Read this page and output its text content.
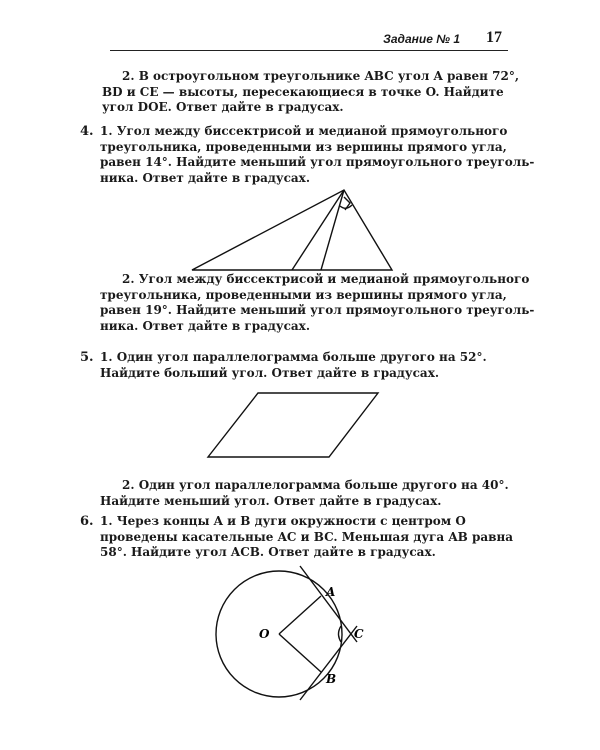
Задание № 1 17
2. В остроугольном треугольнике ABC угол A равен 72°,
BD и CE — высоты, пересекающиеся в точке O. Найдите
угол DOE. Ответ дайте в градусах.
4. 1. Угол между биссектрисой и медианой прямоугольного
треугольника, проведенными из вершины прямого угла,
равен 14°. Найдите меньший угол прямоугольного треуголь-
ника. Ответ дайте в градусах.
2. Угол между биссектрисой и медианой прямоугольного
треугольника, проведенными из вершины прямого угла,
равен 19°. Найдите меньший угол прямоугольного треуголь-
ника. Ответ дайте в градусах.
5. 1. Один угол параллелограмма больше другого на 52°.
Найдите больший угол. Ответ дайте в градусах.
2. Один угол параллелограмма больше другого на 40°.
Найдите меньший угол. Ответ дайте в градусах.
6. 1. Через концы A и B дуги окружности с центром O
проведены касательные AC и BC. Меньшая дуга AB равна
58°. Найдите угол ACB. Ответ дайте в градусах.
A
B
C
O
